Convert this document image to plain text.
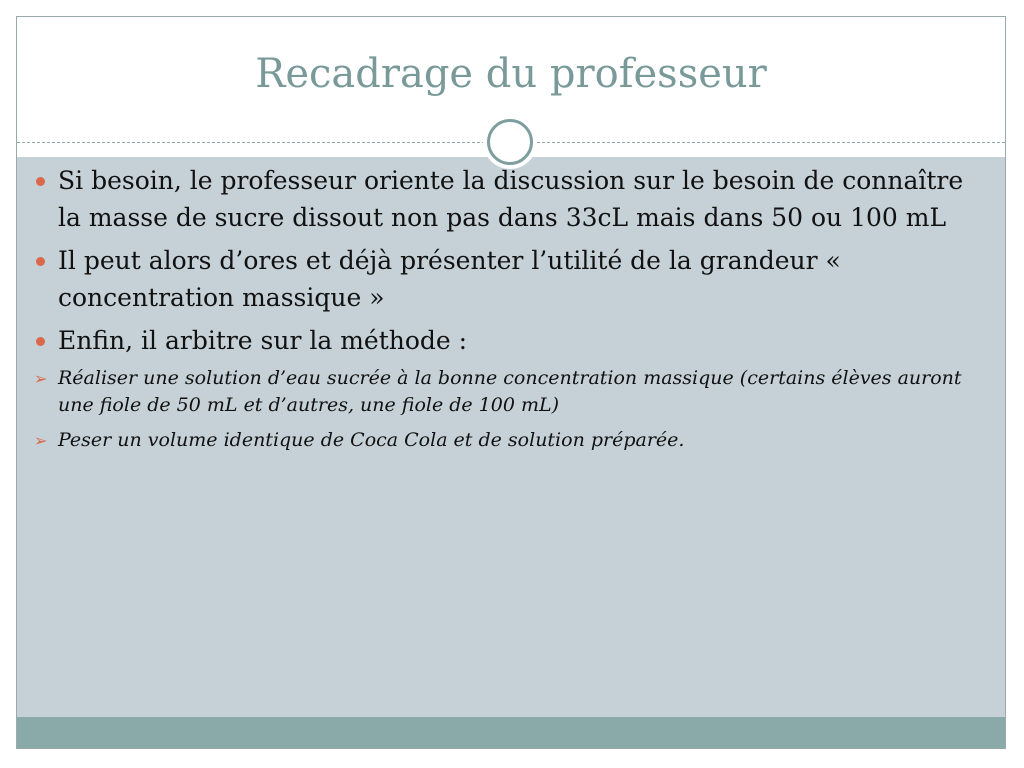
Recadrage du professeur
Si besoin, le professeur oriente la discussion sur le besoin de connaître la masse de sucre dissout non pas dans 33cL mais dans 50 ou 100 mL
Il peut alors d’ores et déjà présenter l’utilité de la grandeur « concentration massique »
Enfin, il arbitre sur la méthode :
➢ Réaliser une solution d’eau sucrée à la bonne concentration massique (certains élèves auront une fiole de 50 mL et d’autres, une fiole de 100 mL)
➢ Peser un volume identique de Coca Cola et de solution préparée.
